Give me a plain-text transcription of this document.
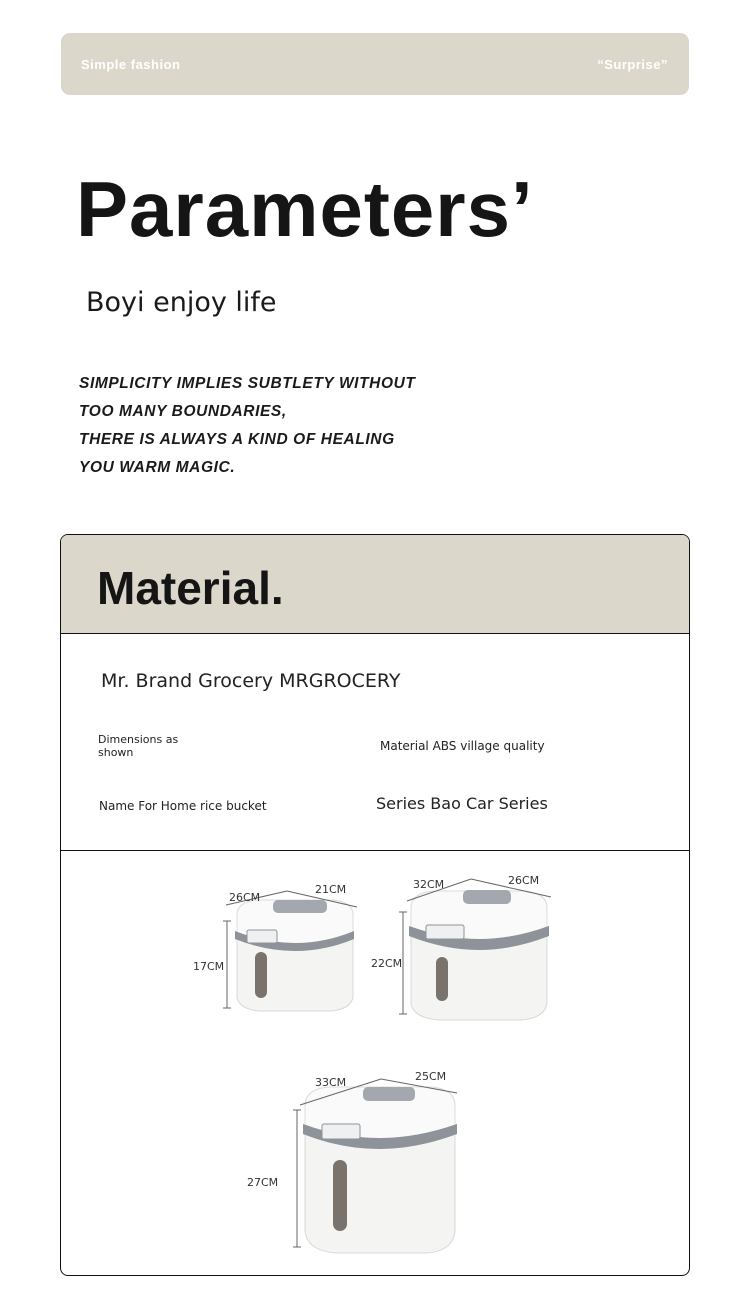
Simple fashion	“Surprise”
Parameters’
Boyi enjoy life
SIMPLICITY IMPLIES SUBTLETY WITHOUT
TOO MANY BOUNDARIES,
THERE IS ALWAYS A KIND OF HEALING
YOU WARM MAGIC.
Material.
Mr. Brand Grocery MRGROCERY
Dimensions as shown	Material ABS village quality
Name For Home rice bucket	Series Bao Car Series
17CM
26CM
21CM
22CM
32CM	26CM
27CM
33CM	25CM
